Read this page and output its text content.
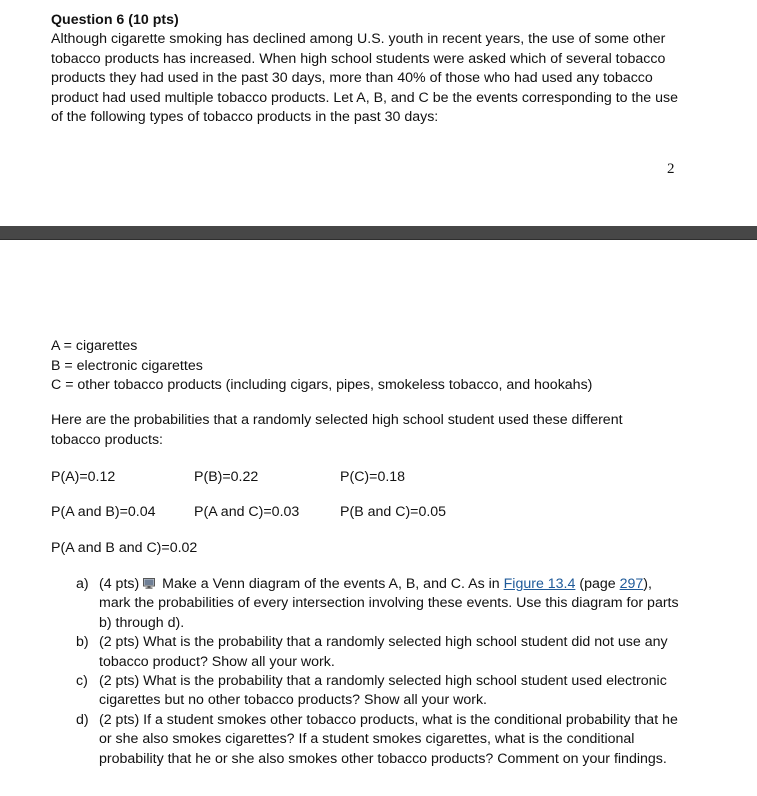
Question 6 (10 pts)

Although cigarette smoking has declined among U.S. youth in recent years, the use of some other tobacco products has increased. When high school students were asked which of several tobacco products they had used in the past 30 days, more than 40% of those who had used any tobacco product had used multiple tobacco products. Let A, B, and C be the events corresponding to the use of the following types of tobacco products in the past 30 days:

2
A = cigarettes
B = electronic cigarettes
C = other tobacco products (including cigars, pipes, smokeless tobacco, and hookahs)

Here are the probabilities that a randomly selected high school student used these different tobacco products:

P(A)=0.12	P(B)=0.22	P(C)=0.18
P(A and B)=0.04	P(A and C)=0.03	P(B and C)=0.05
P(A and B and C)=0.02
a) (4 pts) Make a Venn diagram of the events A, B, and C. As in Figure 13.4 (page 297), mark the probabilities of every intersection involving these events. Use this diagram for parts b) through d).
b) (2 pts) What is the probability that a randomly selected high school student did not use any tobacco product? Show all your work.
c) (2 pts) What is the probability that a randomly selected high school student used electronic cigarettes but no other tobacco products? Show all your work.
d) (2 pts) If a student smokes other tobacco products, what is the conditional probability that he or she also smokes cigarettes? If a student smokes cigarettes, what is the conditional probability that he or she also smokes other tobacco products? Comment on your findings.
